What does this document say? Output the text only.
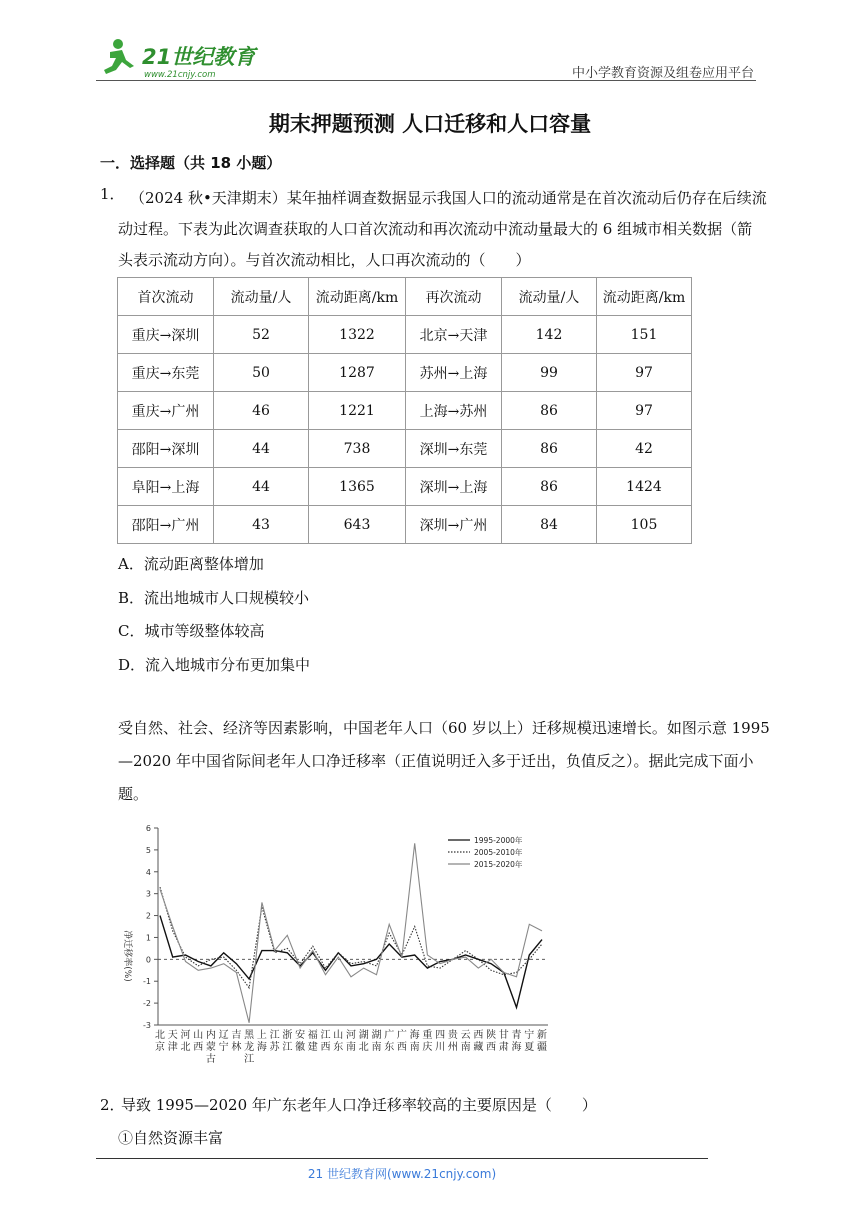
21世纪教育
www.21cnjy.com	中小学教育资源及组卷应用平台
期末押题预测 人口迁移和人口容量
一．选择题（共 18 小题）
1． （2024 秋•天津期末）某年抽样调查数据显示我国人口的流动通常是在首次流动后仍存在后续流
动过程。下表为此次调查获取的人口首次流动和再次流动中流动量最大的 6 组城市相关数据（箭
头表示流动方向）。与首次流动相比，人口再次流动的（　　）
首次流动	流动量/人	流动距离/km	再次流动	流动量/人	流动距离/km
重庆→深圳	52	1322	北京→天津	142	151
重庆→东莞	50	1287	苏州→上海	99	97
重庆→广州	46	1221	上海→苏州	86	97
邵阳→深圳	44	738	深圳→东莞	86	42
阜阳→上海	44	1365	深圳→上海	86	1424
邵阳→广州	43	643	深圳→广州	84	105
A．流动距离整体增加
B．流出地城市人口规模较小
C．城市等级整体较高
D．流入地城市分布更加集中
受自然、社会、经济等因素影响，中国老年人口（60 岁以上）迁移规模迅速增长。如图示意 1995
—2020 年中国省际间老年人口净迁移率（正值说明迁入多于迁出，负值反之）。据此完成下面小
题。
6
5
4
3
2
1
0
-1
-2
-3
北
京
天
津
河
北
山
西
内
蒙
古
辽
宁
吉
林
黑
龙
江
上
海
江
苏
浙
江
安
徽
福
建
江
西
山
东
河
南
湖
北
湖
南
广
东
广
西
海
南
重
庆
四
川
贵
州
云
南
西
藏
陕
西
甘
肃
青
海
宁
夏
新
疆
1995-2000年
2005-2010年
2015-2020年
净迁移率(%)
2．
导致 1995—2020 年广东老年人口净迁移率较高的主要原因是（　　）
①自然资源丰富
21 世纪教育网(www.21cnjy.com)
